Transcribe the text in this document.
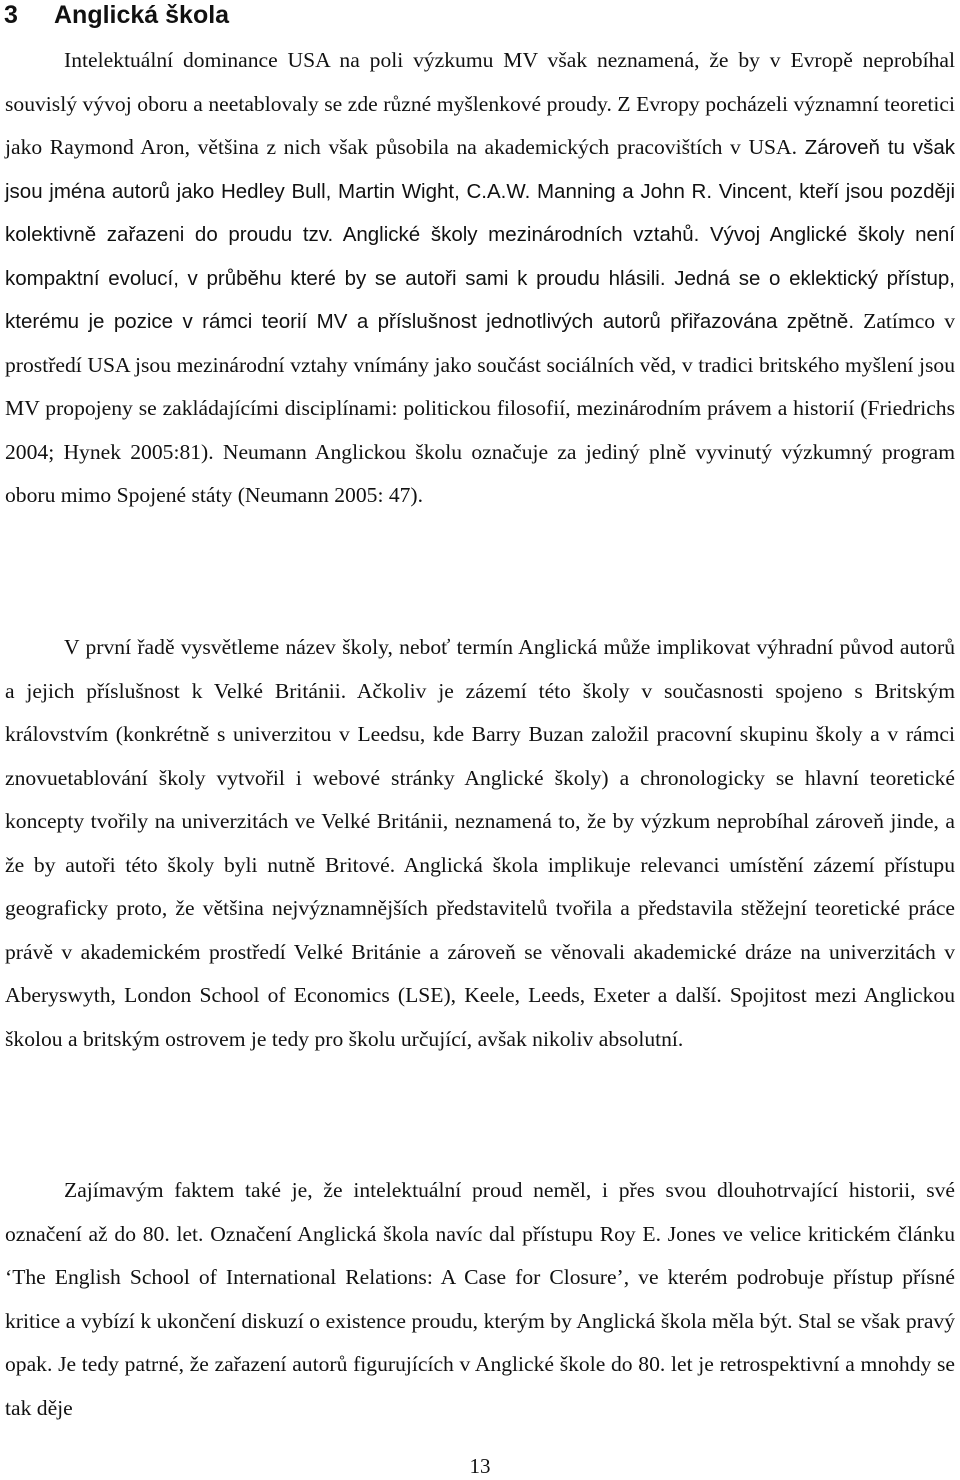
3 Anglická škola

Intelektuální dominance USA na poli výzkumu MV však neznamená, že by v Evropě neprobíhal souvislý vývoj oboru a neetablovaly se zde různé myšlenkové proudy. Z Evropy pocházeli významní teoretici jako Raymond Aron, většina z nich však působila na akademických pracovištích v USA. Zároveň tu však jsou jména autorů jako Hedley Bull, Martin Wight, C.A.W. Manning a John R. Vincent, kteří jsou později kolektivně zařazeni do proudu tzv. Anglické školy mezinárodních vztahů. Vývoj Anglické školy není kompaktní evolucí, v průběhu které by se autoři sami k proudu hlásili. Jedná se o eklektický přístup, kterému je pozice v rámci teorií MV a příslušnost jednotlivých autorů přiřazována zpětně. Zatímco v prostředí USA jsou mezinárodní vztahy vnímány jako součást sociálních věd, v tradici britského myšlení jsou MV propojeny se zakládajícími disciplínami: politickou filosofií, mezinárodním právem a historií (Friedrichs 2004; Hynek 2005:81). Neumann Anglickou školu označuje za jediný plně vyvinutý výzkumný program oboru mimo Spojené státy (Neumann 2005: 47).

V první řadě vysvětleme název školy, neboť termín Anglická může implikovat výhradní původ autorů a jejich příslušnost k Velké Británii. Ačkoliv je zázemí této školy v současnosti spojeno s Britským královstvím (konkrétně s univerzitou v Leedsu, kde Barry Buzan založil pracovní skupinu školy a v rámci znovuetablování školy vytvořil i webové stránky Anglické školy) a chronologicky se hlavní teoretické koncepty tvořily na univerzitách ve Velké Británii, neznamená to, že by výzkum neprobíhal zároveň jinde, a že by autoři této školy byli nutně Britové. Anglická škola implikuje relevanci umístění zázemí přístupu geograficky proto, že většina nejvýznamnějších představitelů tvořila a představila stěžejní teoretické práce právě v akademickém prostředí Velké Británie a zároveň se věnovali akademické dráze na univerzitách v Aberyswyth, London School of Economics (LSE), Keele, Leeds, Exeter a další. Spojitost mezi Anglickou školou a britským ostrovem je tedy pro školu určující, avšak nikoliv absolutní.

Zajímavým faktem také je, že intelektuální proud neměl, i přes svou dlouhotrvající historii, své označení až do 80. let. Označení Anglická škola navíc dal přístupu Roy E. Jones ve velice kritickém článku ‘The English School of International Relations: A Case for Closure’, ve kterém podrobuje přístup přísné kritice a vybízí k ukončení diskuzí o existence proudu, kterým by Anglická škola měla být. Stal se však pravý opak. Je tedy patrné, že zařazení autorů figurujících v Anglické škole do 80. let je retrospektivní a mnohdy se tak děje

13
